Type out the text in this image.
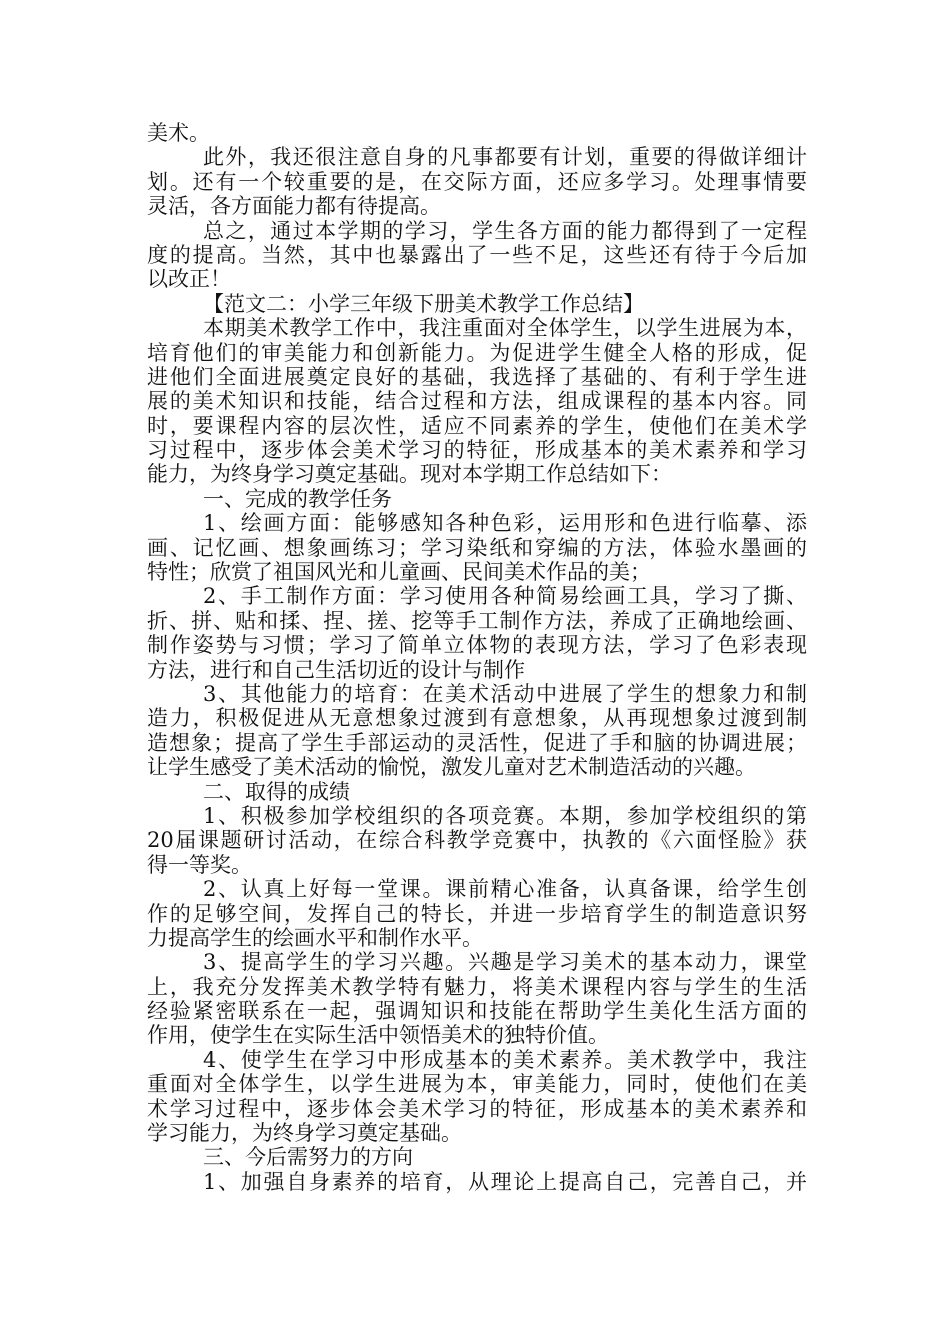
美术。
此外，我还很注意自身的凡事都要有计划，重要的得做详细计
划。还有一个较重要的是，在交际方面，还应多学习。处理事情要
灵活，各方面能力都有待提高。
总之，通过本学期的学习，学生各方面的能力都得到了一定程
度的提高。当然，其中也暴露出了一些不足，这些还有待于今后加
以改正！
【范文二：小学三年级下册美术教学工作总结】
本期美术教学工作中，我注重面对全体学生，以学生进展为本，
培育他们的审美能力和创新能力。为促进学生健全人格的形成，促
进他们全面进展奠定良好的基础，我选择了基础的、有利于学生进
展的美术知识和技能，结合过程和方法，组成课程的基本内容。同
时，要课程内容的层次性，适应不同素养的学生，使他们在美术学
习过程中，逐步体会美术学习的特征，形成基本的美术素养和学习
能力，为终身学习奠定基础。现对本学期工作总结如下：
一、完成的教学任务
1、绘画方面：能够感知各种色彩，运用形和色进行临摹、添
画、记忆画、想象画练习；学习染纸和穿编的方法，体验水墨画的
特性；欣赏了祖国风光和儿童画、民间美术作品的美；
2、手工制作方面：学习使用各种简易绘画工具，学习了撕、
折、拼、贴和揉、捏、搓、挖等手工制作方法，养成了正确地绘画、
制作姿势与习惯；学习了简单立体物的表现方法，学习了色彩表现
方法，进行和自己生活切近的设计与制作
3、其他能力的培育：在美术活动中进展了学生的想象力和制
造力，积极促进从无意想象过渡到有意想象，从再现想象过渡到制
造想象；提高了学生手部运动的灵活性，促进了手和脑的协调进展；
让学生感受了美术活动的愉悦，激发儿童对艺术制造活动的兴趣。
二、取得的成绩
1、积极参加学校组织的各项竞赛。本期，参加学校组织的第
20届课题研讨活动，在综合科教学竞赛中，执教的《六面怪脸》获
得一等奖。
2、认真上好每一堂课。课前精心准备，认真备课，给学生创
作的足够空间，发挥自己的特长，并进一步培育学生的制造意识努
力提高学生的绘画水平和制作水平。
3、提高学生的学习兴趣。兴趣是学习美术的基本动力，课堂
上，我充分发挥美术教学特有魅力，将美术课程内容与学生的生活
经验紧密联系在一起，强调知识和技能在帮助学生美化生活方面的
作用，使学生在实际生活中领悟美术的独特价值。
4、使学生在学习中形成基本的美术素养。美术教学中，我注
重面对全体学生，以学生进展为本，审美能力，同时，使他们在美
术学习过程中，逐步体会美术学习的特征，形成基本的美术素养和
学习能力，为终身学习奠定基础。
三、今后需努力的方向
1、加强自身素养的培育，从理论上提高自己，完善自己，并
